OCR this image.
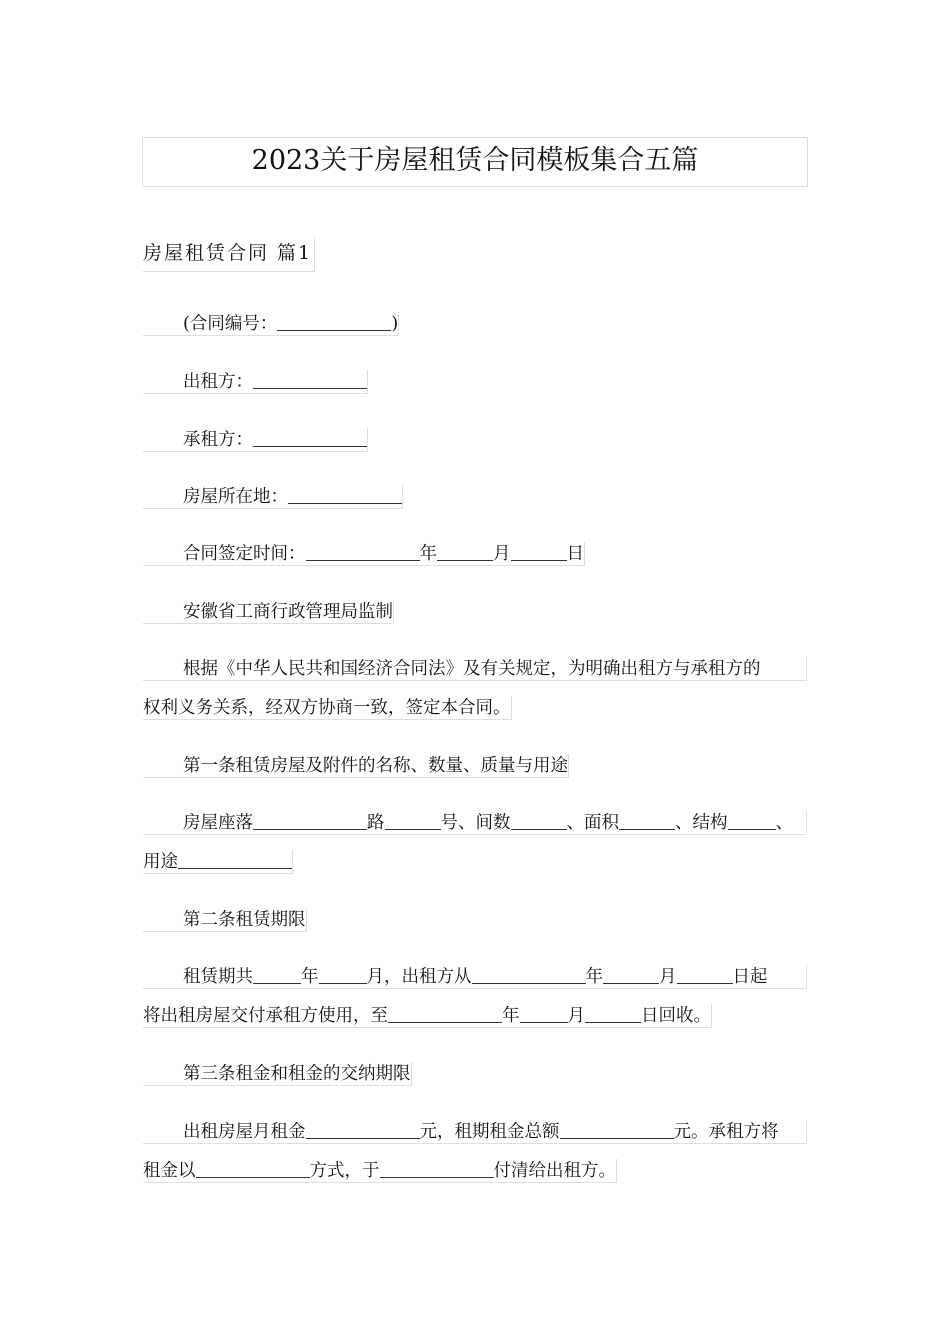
2023关于房屋租赁合同模板集合五篇
房屋租赁合同 篇1
(合同编号：	)
出租方：
承租方：
房屋所在地：
合同签定时间：	年	月	日
安徽省工商行政管理局监制
根据《中华人民共和国经济合同法》及有关规定，为明确出租方与承租方的
权利义务关系，经双方协商一致，签定本合同。
第一条租赁房屋及附件的名称、数量、质量与用途
房屋座落	路	号、间数	、面积	、结构	、
用途
第二条租赁期限
租赁期共	年	月，出租方从	年	月	日起
将出租房屋交付承租方使用，至	年	月	日回收。
第三条租金和租金的交纳期限
出租房屋月租金	元，租期租金总额	元。承租方将
租金以	方式，于	付清给出租方。
